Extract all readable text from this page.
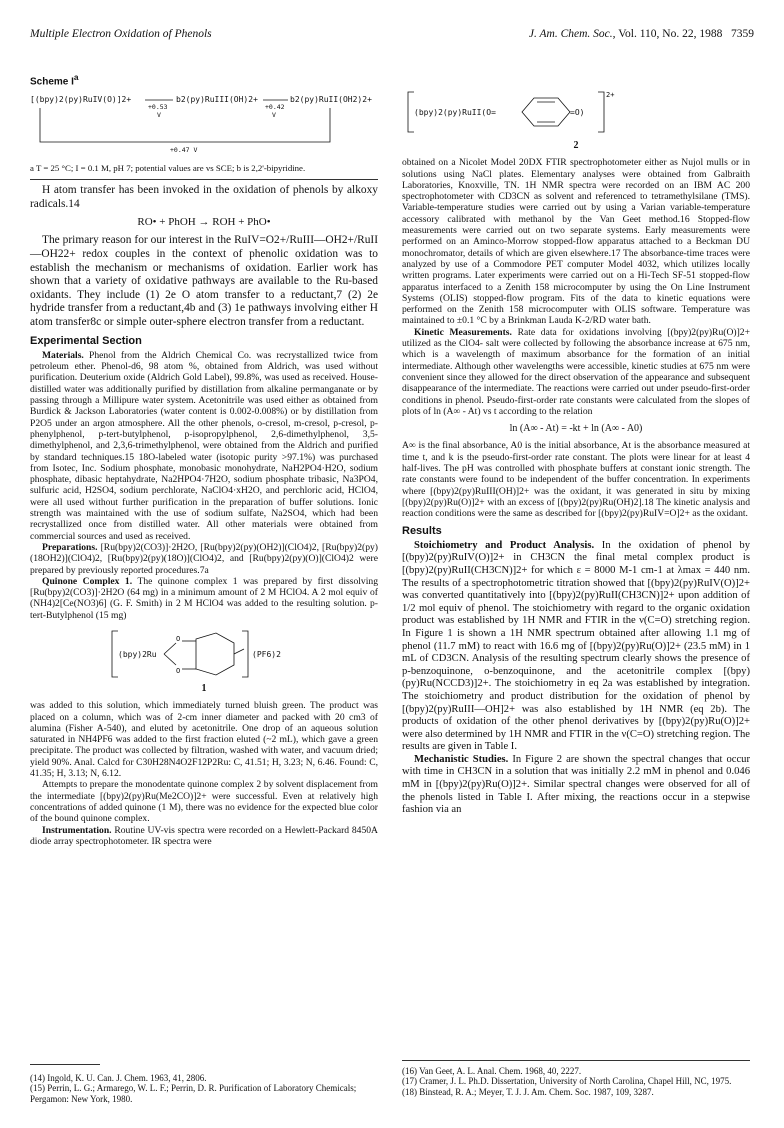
Multiple Electron Oxidation of Phenols	J. Am. Chem. Soc., Vol. 110, No. 22, 1988 7359
Scheme $I^a$
[(bpy)2(py)RuIV(O)]2+
+0.53
b2(py)RuIII(OH)2+
+0.42
b2(py)RuII(OH2)2+
V	V
+0.47 V

a T = 25 °C; I = 0.1 M, pH 7; potential values are vs SCE; b is 2,2'-bipyridine.

H atom transfer has been invoked in the oxidation of phenols by alkoxy radicals.14

RO• + PhOH → ROH + PhO•

The primary reason for our interest in the RuIV=O2+/RuIII—OH2+/RuII—OH22+ redox couples in the context of phenolic oxidation was to establish the mechanism or mechanisms of oxidation. Earlier work has shown that a variety of oxidative pathways are available to the Ru-based oxidants. They include (1) 2e O atom transfer to a reductant,7 (2) 2e hydride transfer from a reductant,4b and (3) 1e pathways involving either H atom transfer8c or simple outer-sphere electron transfer from a reductant.

Experimental Section

Materials. Phenol from the Aldrich Chemical Co. was recrystallized twice from petroleum ether. Phenol-d6, 98 atom %, obtained from Aldrich, was used without purification. Deuterium oxide (Aldrich Gold Label), 99.8%, was used as received. House-distilled water was additionally purified by distillation from alkaline permanganate or by passing through a Millipure water system. Acetonitrile was used either as obtained from Burdick & Jackson Laboratories (water content is 0.002-0.008%) or by distillation from P2O5 under an argon atmosphere. All the other phenols, o-cresol, m-cresol, p-cresol, p-phenylphenol, p-tert-butylphenol, p-isopropylphenol, 2,6-dimethylphenol, 3,5-dimethylphenol, and 2,3,6-trimethylphenol, were obtained from the Aldrich and purified by standard techniques.15 18O-labeled water (isotopic purity >97.1%) was purchased from Isotec, Inc. Sodium phosphate, monobasic monohydrate, NaH2PO4·H2O, sodium phosphate, dibasic heptahydrate, Na2HPO4·7H2O, sodium phosphate tribasic, Na3PO4, sulfuric acid, H2SO4, sodium perchlorate, NaClO4·xH2O, and perchloric acid, HClO4, were all used without further purification in the preparation of buffer solutions. Ionic strength was maintained with the use of sodium sulfate, Na2SO4, which had been recrystallized once from distilled water. All other materials were obtained from commercial sources and used as received.

Preparations. [Ru(bpy)2(CO3)]·2H2O, [Ru(bpy)2(py)(OH2)](ClO4)2, [Ru(bpy)2(py)(18OH2)](ClO4)2, [Ru(bpy)2(py)(18O)](ClO4)2, and [Ru(bpy)2(py)(O)](ClO4)2 were prepared by previously reported procedures.7a

Quinone Complex 1. The quinone complex 1 was prepared by first dissolving [Ru(bpy)2(CO3)]·2H2O (64 mg) in a minimum amount of 2 M HClO4. A 2 mol equiv of (NH4)2[Ce(NO3)6] (G. F. Smith) in 2 M HClO4 was added to the resulting solution. p-tert-Butylphenol (15 mg)

(bpy)2Ru
O
O
(PF6)2
1

was added to this solution, which immediately turned bluish green. The product was placed on a column, which was of 2-cm inner diameter and packed with 20 cm3 of alumina (Fisher A-540), and eluted by acetonitrile. One drop of an aqueous solution saturated in NH4PF6 was added to the first fraction eluted (~2 mL), which gave a green precipitate. The product was collected by filtration, washed with water, and vacuum dried; yield 90%. Anal. Calcd for C30H28N4O2F12P2Ru: C, 41.51; H, 3.23; N, 6.46. Found: C, 41.35; H, 3.13; N, 6.12.

Attempts to prepare the monodentate quinone complex 2 by solvent displacement from the intermediate [(bpy)2(py)Ru(Me2CO)]2+ were successful. Even at relatively high concentrations of added quinone (1 M), there was no evidence for the expected blue color of the bound quinone complex.

Instrumentation. Routine UV-vis spectra were recorded on a Hewlett-Packard 8450A diode array spectrophotometer. IR spectra were

(14) Ingold, K. U. Can. J. Chem. 1963, 41, 2806.

(15) Perrin, L. G.; Armarego, W. L. F.; Perrin, D. R. Purification of Laboratory Chemicals; Pergamon: New York, 1980.

(bpy)2(py)RuII(O=	=O)
2+
2

obtained on a Nicolet Model 20DX FTIR spectrophotometer either as Nujol mulls or in solutions using NaCl plates. Elementary analyses were obtained from Galbraith Laboratories, Knoxville, TN. 1H NMR spectra were recorded on an IBM AC 200 spectrophotometer with CD3CN as solvent and referenced to tetramethylsilane (TMS). Variable-temperature studies were carried out by using a Varian variable-temperature accessory calibrated with methanol by the Van Geet method.16 Stopped-flow measurements were carried out on two separate systems. Early measurements were performed on an Aminco-Morrow stopped-flow apparatus attached to a Beckman DU monochromator, details of which are given elsewhere.17 The absorbance-time traces were analyzed by use of a Commodore PET computer Model 4032, which utilizes locally written programs. Later experiments were carried out on a Hi-Tech SF-51 stopped-flow apparatus interfaced to a Zenith 158 microcomputer by using the On Line Instrument Systems (OLIS) stopped-flow program. Fits of the data to kinetic equations were performed on the Zenith 158 microcomputer with OLIS software. Temperature was maintained to ±0.1 °C by a Brinkman Lauda K-2/RD water bath.

Kinetic Measurements. Rate data for oxidations involving [(bpy)2(py)Ru(O)]2+ utilized as the ClO4- salt were collected by following the absorbance increase at 675 nm, which is a wavelength of maximum absorbance for the formation of an initial intermediate. Although other wavelengths were accessible, kinetic studies at 675 nm were convenient since they allowed for the direct observation of the appearance and subsequent disappearance of the intermediate. The reactions were carried out under pseudo-first-order conditions in phenol. Pseudo-first-order rate constants were calculated from the slopes of plots of ln (A∞ - At) vs t according to the relation

ln (A∞ - At) = -kt + ln (A∞ - A0)

A∞ is the final absorbance, A0 is the initial absorbance, At is the absorbance measured at time t, and k is the pseudo-first-order rate constant. The plots were linear for at least 4 half-lives. The pH was controlled with phosphate buffers at constant ionic strength. The rate constants were found to be independent of the buffer concentration. In experiments where [(bpy)2(py)RuIII(OH)]2+ was the oxidant, it was generated in situ by mixing [(bpy)2(py)Ru(O)]2+ with an excess of [(bpy)2(py)Ru(OH)2].18 The kinetic analysis and reaction conditions were the same as described for [(bpy)2(py)RuIV=O]2+ as the oxidant.

Results

Stoichiometry and Product Analysis. In the oxidation of phenol by [(bpy)2(py)RuIV(O)]2+ in CH3CN the final metal complex product is [(bpy)2(py)RuII(CH3CN)]2+ for which ε = 8000 M-1 cm-1 at λmax = 440 nm. The results of a spectrophotometric titration showed that [(bpy)2(py)RuIV(O)]2+ was converted quantitatively into [(bpy)2(py)RuII(CH3CN)]2+ upon addition of 1/2 mol equiv of phenol. The stoichiometry with regard to the organic oxidation product was established by 1H NMR and FTIR in the ν(C=O) stretching region. In Figure 1 is shown a 1H NMR spectrum obtained after allowing 1.1 mg of phenol (11.7 mM) to react with 16.6 mg of [(bpy)2(py)Ru(O)]2+ (23.5 mM) in 1 mL of CD3CN. Analysis of the resulting spectrum clearly shows the presence of p-benzoquinone, o-benzoquinone, and the acetonitrile complex [(bpy)(py)Ru(NCCD3)]2+. The stoichiometry in eq 2a was established by integration. The stoichiometry and product distribution for the oxidation of phenol by [(bpy)2(py)RuIII—OH]2+ was also established by 1H NMR (eq 2b). The products of oxidation of the other phenol derivatives by [(bpy)2(py)Ru(O)]2+ were also determined by 1H NMR and FTIR in the ν(C=O) stretching region. The results are given in Table I.

Mechanistic Studies. In Figure 2 are shown the spectral changes that occur with time in CH3CN in a solution that was initially 2.2 mM in phenol and 0.046 mM in [(bpy)2(py)Ru(O)]2+. Similar spectral changes were observed for all of the phenols listed in Table I. After mixing, the reactions occur in a stepwise fashion via an

(16) Van Geet, A. L. Anal. Chem. 1968, 40, 2227.

(17) Cramer, J. L. Ph.D. Dissertation, University of North Carolina, Chapel Hill, NC, 1975.

(18) Binstead, R. A.; Meyer, T. J. J. Am. Chem. Soc. 1987, 109, 3287.
